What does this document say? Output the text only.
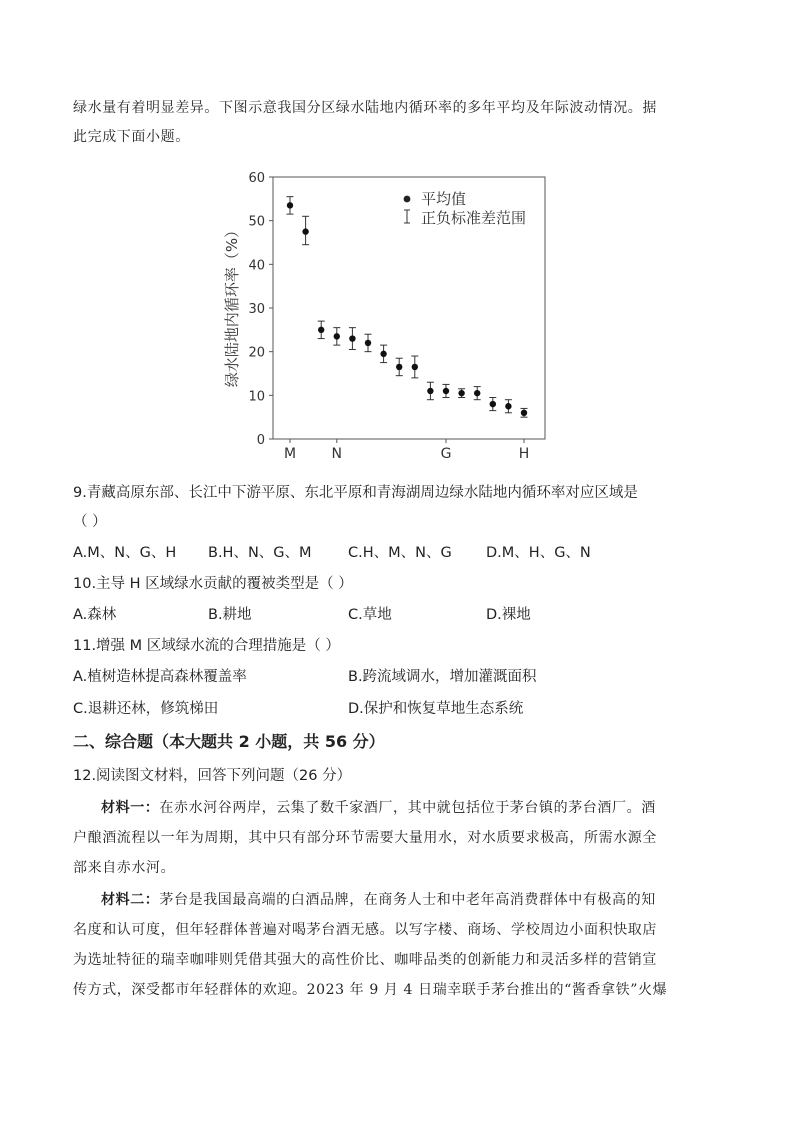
绿水量有着明显差异。下图示意我国分区绿水陆地内循环率的多年平均及年际波动情况。据
此完成下面小题。
0
10
20
30
40
50
60
M	N	G	H
绿水陆地内循环率（%）
平均值
正负标准差范围
9.青藏高原东部、长江中下游平原、东北平原和青海湖周边绿水陆地内循环率对应区域是
（ ）
A.M、N、G、H B.H、N、G、M	C.H、M、N、G D.M、H、G、N
10.主导 H 区域绿水贡献的覆被类型是（ ）
A.森林	B.耕地	C.草地	D.裸地
11.增强 M 区域绿水流的合理措施是（ ）
A.植树造林提高森林覆盖率	B.跨流域调水，增加灌溉面积
C.退耕还林，修筑梯田	D.保护和恢复草地生态系统
二、综合题（本大题共 2 小题，共 56 分）
12.阅读图文材料，回答下列问题（26 分）
材料一：在赤水河谷两岸，云集了数千家酒厂，其中就包括位于茅台镇的茅台酒厂。酒
户酿酒流程以一年为周期，其中只有部分环节需要大量用水，对水质要求极高，所需水源全
部来自赤水河。
材料二：茅台是我国最高端的白酒品牌，在商务人士和中老年高消费群体中有极高的知
名度和认可度，但年轻群体普遍对喝茅台酒无感。以写字楼、商场、学校周边小面积快取店
为选址特征的瑞幸咖啡则凭借其强大的高性价比、咖啡品类的创新能力和灵活多样的营销宣
传方式，深受都市年轻群体的欢迎。2023 年 9 月 4 日瑞幸联手茅台推出的“酱香拿铁”火爆
